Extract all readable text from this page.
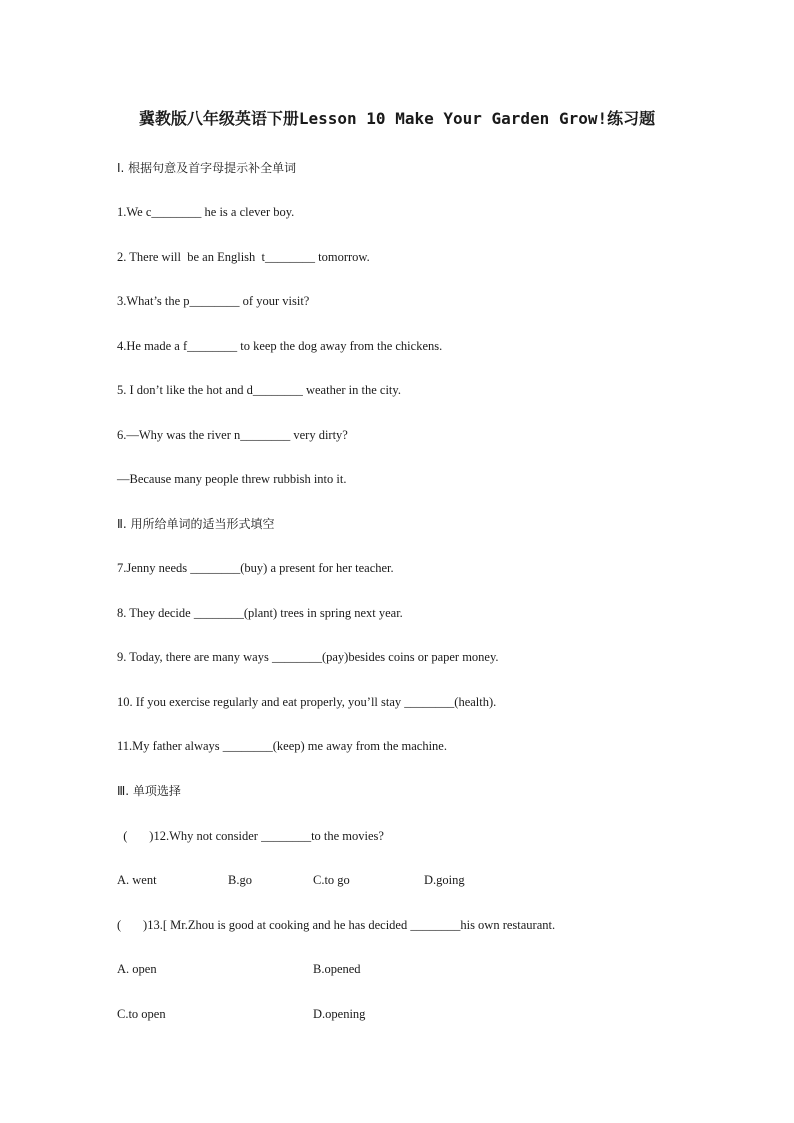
冀教版八年级英语下册Lesson 10 Make Your Garden Grow!练习题
Ⅰ. 根据句意及首字母提示补全单词
1.We c________ he is a clever boy.
2. There will  be an English  t________ tomorrow.
3.What’s the p________ of your visit?
4.He made a f________ to keep the dog away from the chickens.
5. I don’t like the hot and d________ weather in the city.
6.—Why was the river n________ very dirty?
—Because many people threw rubbish into it.
Ⅱ. 用所给单词的适当形式填空
7.Jenny needs ________(buy) a present for her teacher.
8. They decide ________(plant) trees in spring next year.
9. Today, there are many ways ________(pay)besides coins or paper money.
10. If you exercise regularly and eat properly, you’ll stay ________(health).
11.My father always ________(keep) me away from the machine.
Ⅲ. 单项选择
(       )12.Why not consider ________to the movies?
A. went	B.go	C.to go	D.going
(       )13.[ Mr.Zhou is good at cooking and he has decided ________his own restaurant.
A. open	B.opened
C.to open	D.opening
